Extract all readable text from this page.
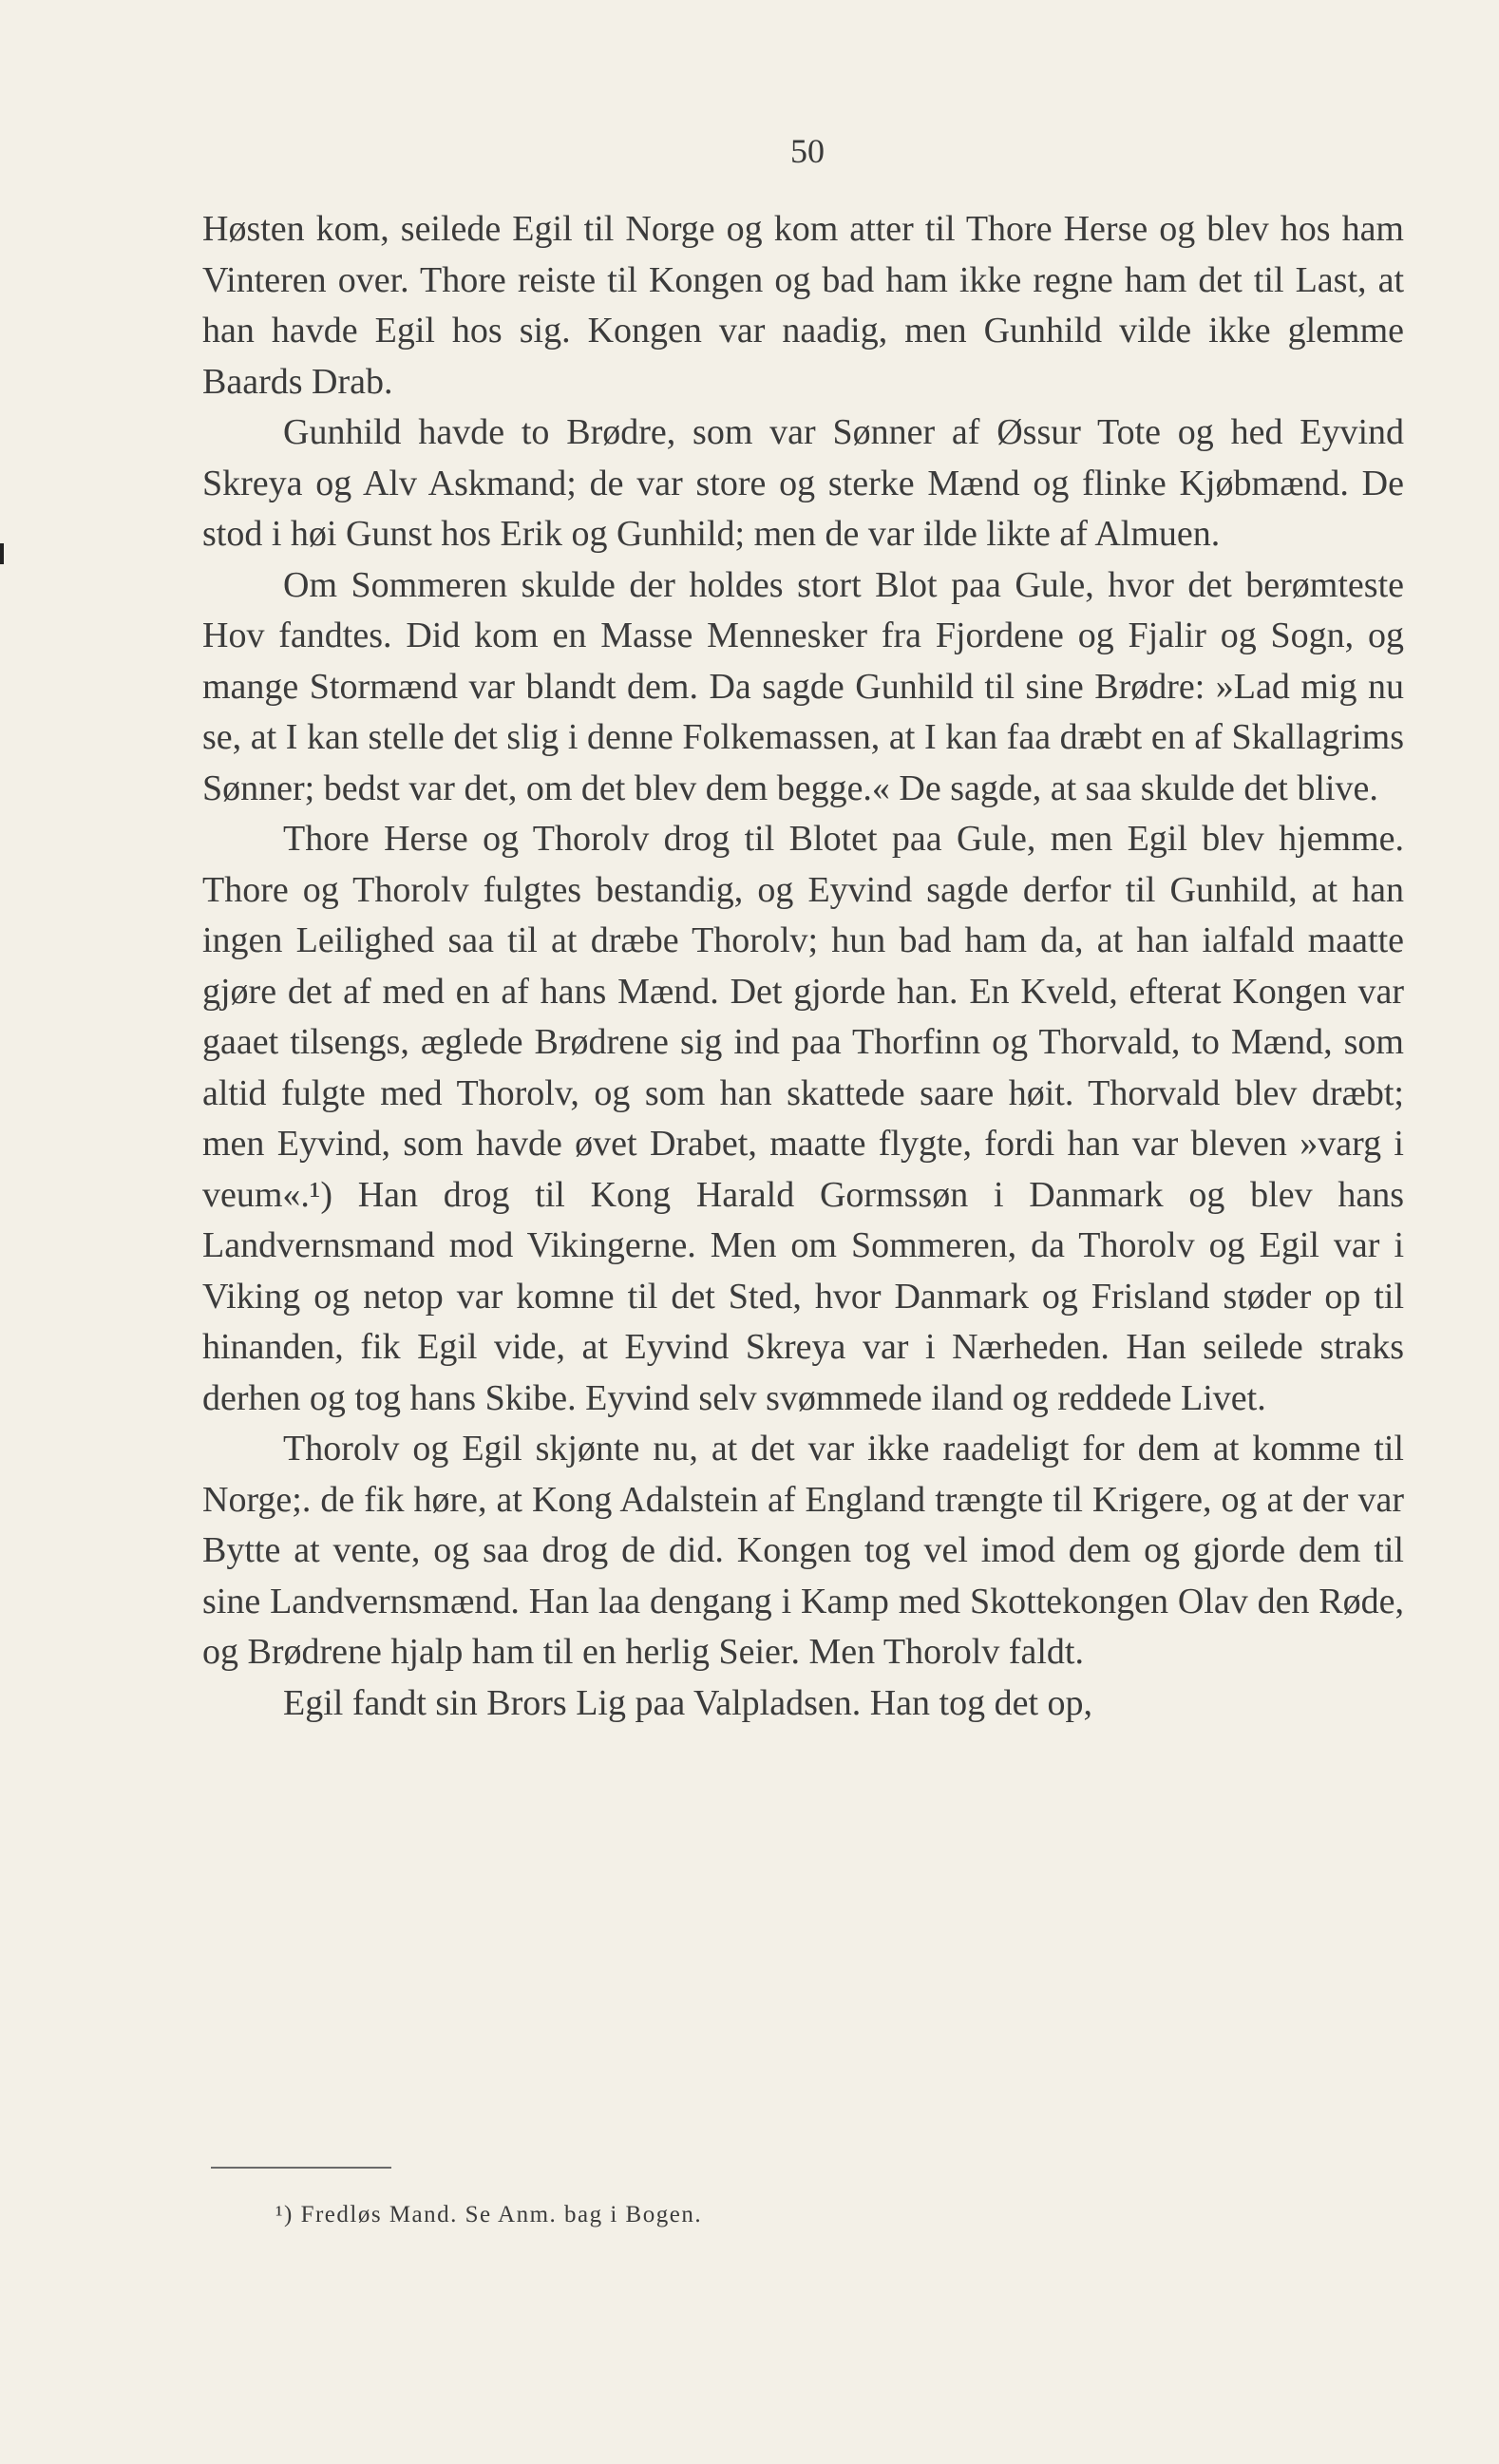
50

Høsten kom, seilede Egil til Norge og kom atter til Thore Herse og blev hos ham Vinteren over. Thore reiste til Kongen og bad ham ikke regne ham det til Last, at han havde Egil hos sig. Kongen var naadig, men Gunhild vilde ikke glemme Baards Drab.

Gunhild havde to Brødre, som var Sønner af Øssur Tote og hed Eyvind Skreya og Alv Askmand; de var store og sterke Mænd og flinke Kjøbmænd. De stod i høi Gunst hos Erik og Gunhild; men de var ilde likte af Almuen.

Om Sommeren skulde der holdes stort Blot paa Gule, hvor det berømteste Hov fandtes. Did kom en Masse Mennesker fra Fjordene og Fjalir og Sogn, og mange Stormænd var blandt dem. Da sagde Gunhild til sine Brødre: »Lad mig nu se, at I kan stelle det slig i denne Folkemassen, at I kan faa dræbt en af Skallagrims Sønner; bedst var det, om det blev dem begge.« De sagde, at saa skulde det blive.

Thore Herse og Thorolv drog til Blotet paa Gule, men Egil blev hjemme. Thore og Thorolv fulgtes bestandig, og Eyvind sagde derfor til Gunhild, at han ingen Leilighed saa til at dræbe Thorolv; hun bad ham da, at han ialfald maatte gjøre det af med en af hans Mænd. Det gjorde han. En Kveld, efterat Kongen var gaaet tilsengs, æglede Brødrene sig ind paa Thorfinn og Thorvald, to Mænd, som altid fulgte med Thorolv, og som han skattede saare høit. Thorvald blev dræbt; men Eyvind, som havde øvet Drabet, maatte flygte, fordi han var bleven »varg i veum«.¹) Han drog til Kong Harald Gormssøn i Danmark og blev hans Landvernsmand mod Vikingerne. Men om Sommeren, da Thorolv og Egil var i Viking og netop var komne til det Sted, hvor Danmark og Frisland støder op til hinanden, fik Egil vide, at Eyvind Skreya var i Nærheden. Han seilede straks derhen og tog hans Skibe. Eyvind selv svømmede iland og reddede Livet.

Thorolv og Egil skjønte nu, at det var ikke raadeligt for dem at komme til Norge;. de fik høre, at Kong Adalstein af England trængte til Krigere, og at der var Bytte at vente, og saa drog de did. Kongen tog vel imod dem og gjorde dem til sine Landvernsmænd. Han laa dengang i Kamp med Skottekongen Olav den Røde, og Brødrene hjalp ham til en herlig Seier. Men Thorolv faldt.

Egil fandt sin Brors Lig paa Valpladsen. Han tog det op,

¹) Fredløs Mand. Se Anm. bag i Bogen.
